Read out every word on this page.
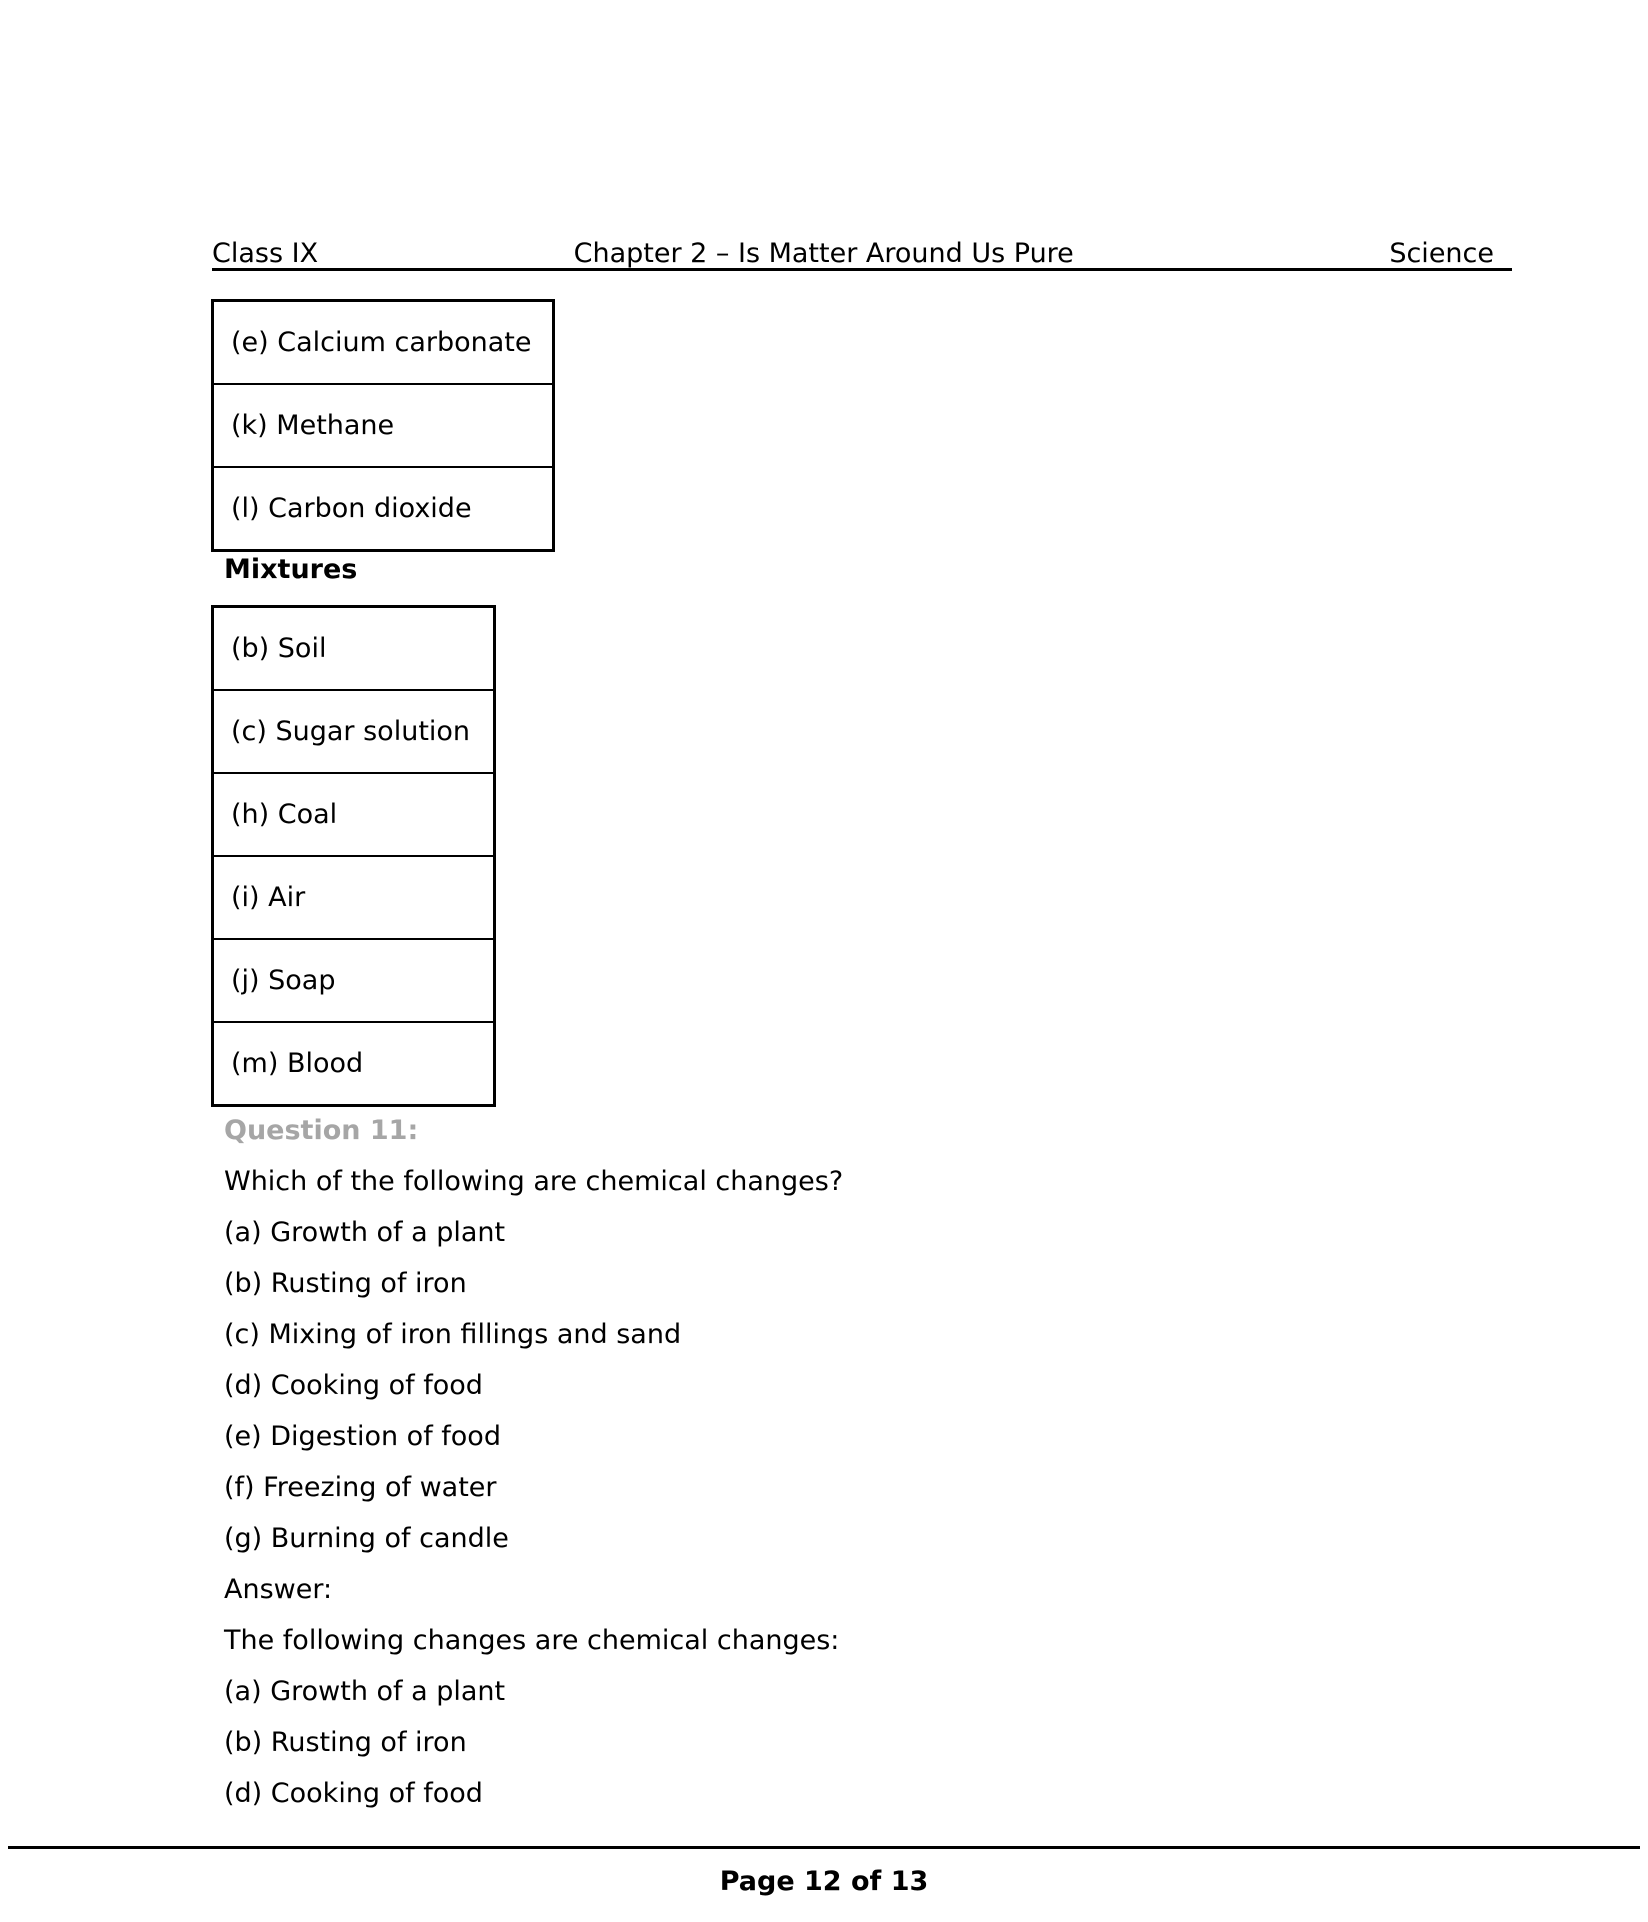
Class IX	Chapter 2 – Is Matter Around Us Pure	Science
(e) Calcium carbonate
(k) Methane
(l) Carbon dioxide
Mixtures
(b) Soil
(c) Sugar solution
(h) Coal
(i) Air
(j) Soap
(m) Blood
Question 11:
Which of the following are chemical changes?
(a) Growth of a plant
(b) Rusting of iron
(c) Mixing of iron fillings and sand
(d) Cooking of food
(e) Digestion of food
(f) Freezing of water
(g) Burning of candle
Answer:
The following changes are chemical changes:
(a) Growth of a plant
(b) Rusting of iron
(d) Cooking of food
Page 12 of 13
